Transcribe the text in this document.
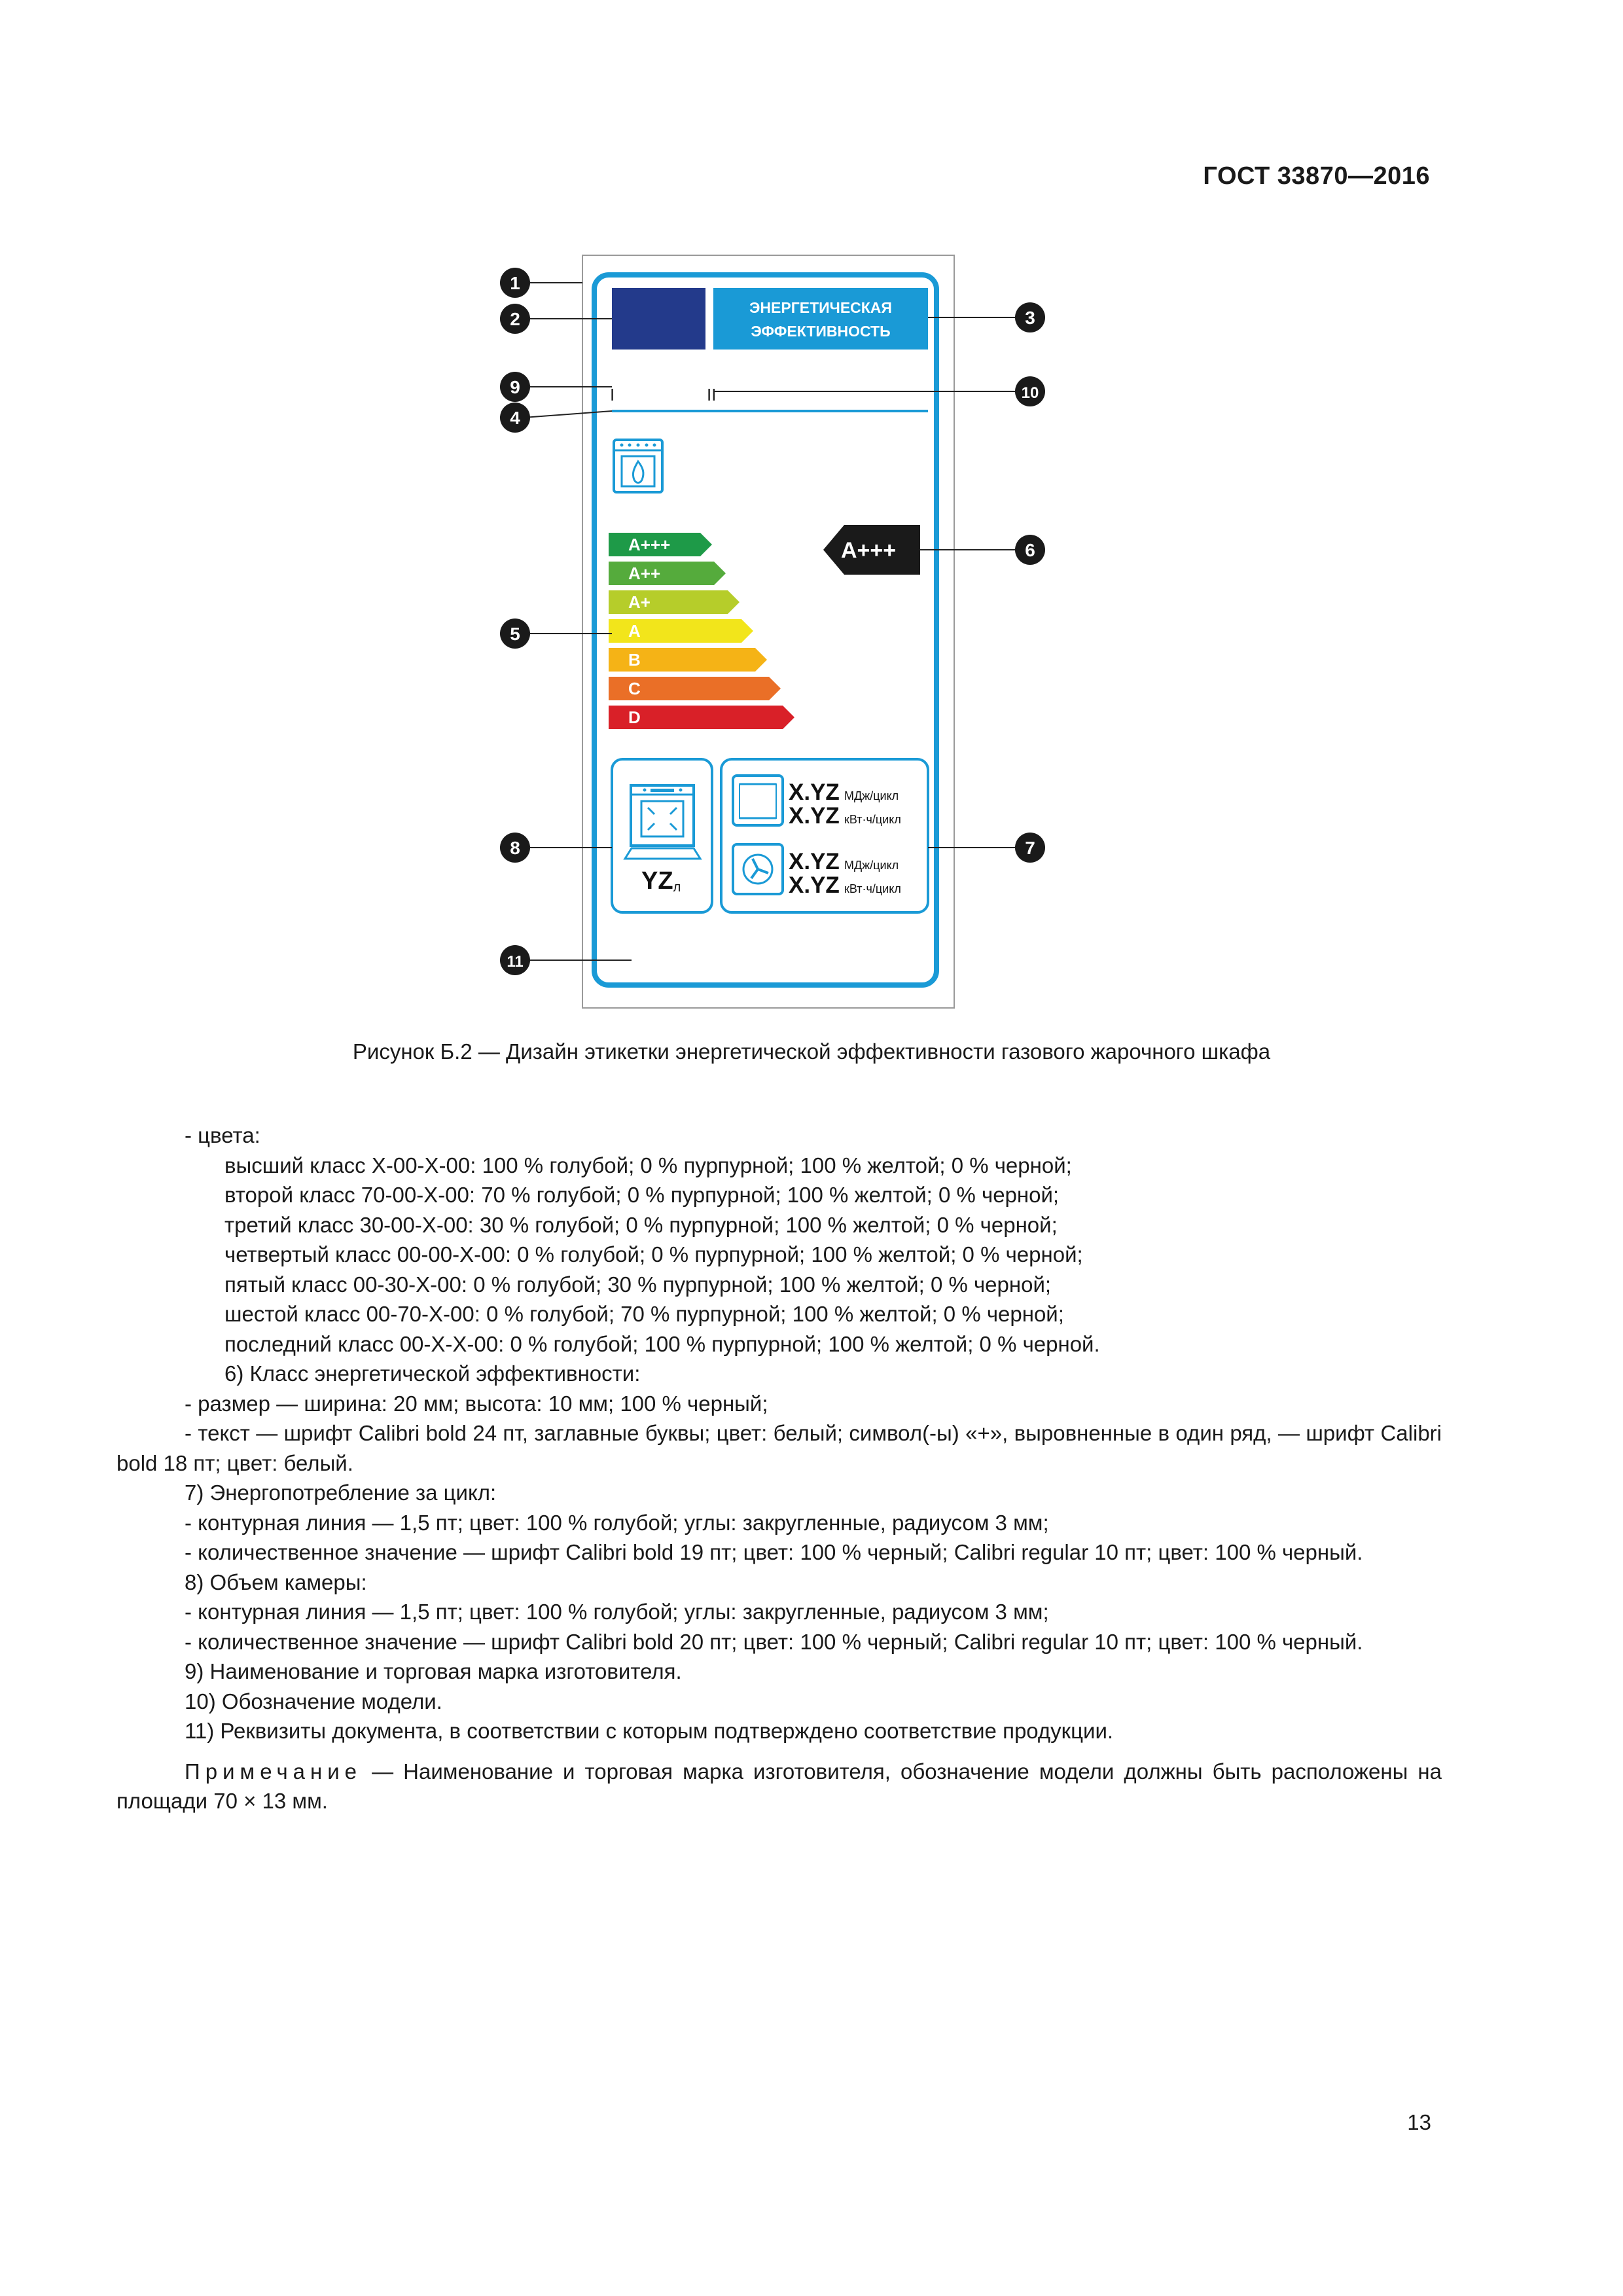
ГОСТ 33870—2016
ЭНЕРГЕТИЧЕСКАЯ
ЭФФЕКТИВНОСТЬ
I	II
A+++
A++
A+
A
B
C
D
A+++
YZл
X.YZ МДж/цикл
X.YZ кВт·ч/цикл
X.YZ МДж/цикл
X.YZ кВт·ч/цикл
1
2	3
4
5
6
7
8
9	10
11
Рисунок Б.2 — Дизайн этикетки энергетической эффективности газового жарочного шкафа

- цвета:

высший класс X-00-X-00: 100 % голубой; 0 % пурпурной; 100 % желтой; 0 % черной;

второй класс 70-00-X-00: 70 % голубой; 0 % пурпурной; 100 % желтой; 0 % черной;

третий класс 30-00-X-00: 30 % голубой; 0 % пурпурной; 100 % желтой; 0 % черной;

четвертый класс 00-00-X-00: 0 % голубой; 0 % пурпурной; 100 % желтой; 0 % черной;

пятый класс 00-30-X-00: 0 % голубой; 30 % пурпурной; 100 % желтой; 0 % черной;

шестой класс 00-70-X-00: 0 % голубой; 70 % пурпурной; 100 % желтой; 0 % черной;

последний класс 00-X-X-00: 0 % голубой; 100 % пурпурной; 100 % желтой; 0 % черной.

6) Класс энергетической эффективности:

- размер — ширина: 20 мм; высота: 10 мм; 100 % черный;

- текст — шрифт Calibri bold 24 пт, заглавные буквы; цвет: белый; символ(-ы) «+», выровненные в один ряд, — шрифт Calibri bold 18 пт; цвет: белый.

7) Энергопотребление за цикл:

- контурная линия — 1,5 пт; цвет: 100 % голубой; углы: закругленные, радиусом 3 мм;

- количественное значение — шрифт Calibri bold 19 пт; цвет: 100 % черный; Calibri regular 10 пт; цвет: 100 % черный.

8) Объем камеры:

- контурная линия — 1,5 пт; цвет: 100 % голубой; углы: закругленные, радиусом 3 мм;

- количественное значение — шрифт Calibri bold 20 пт; цвет: 100 % черный; Calibri regular 10 пт; цвет: 100 % черный.

9) Наименование и торговая марка изготовителя.

10) Обозначение модели.

11) Реквизиты документа, в соответствии с которым подтверждено соответствие продукции.

Примечание — Наименование и торговая марка изготовителя, обозначение модели должны быть расположены на площади 70 × 13 мм.

13
